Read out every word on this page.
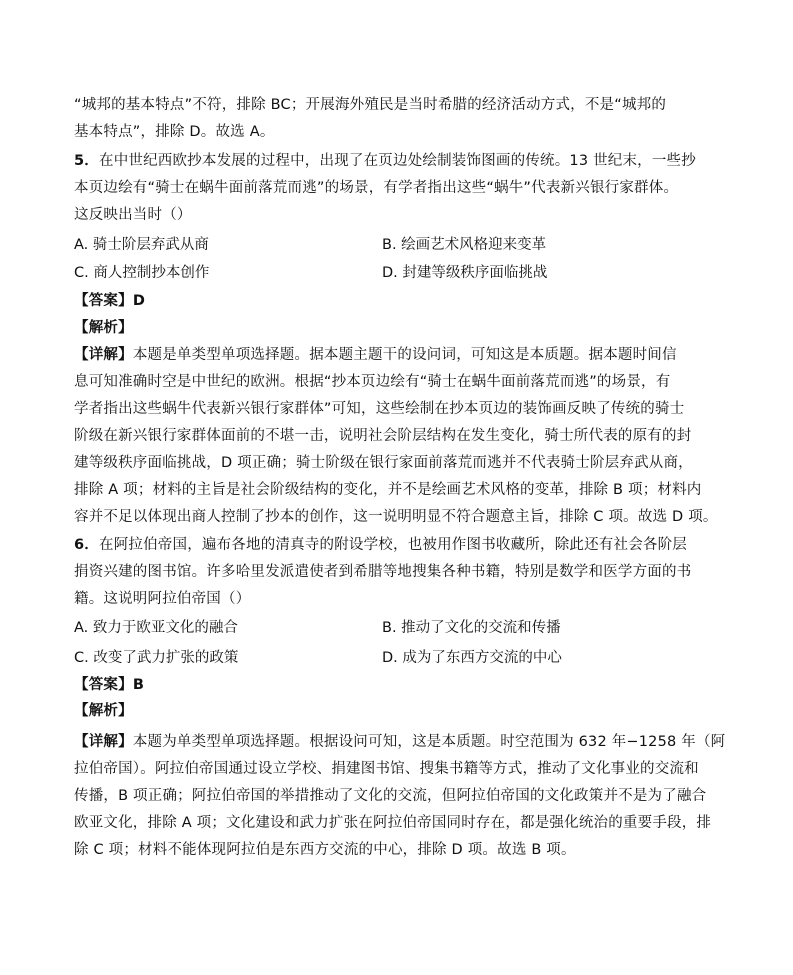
“城邦的基本特点”不符，排除 BC；开展海外殖民是当时希腊的经济活动方式，不是“城邦的
基本特点”，排除 D。故选 A。
5．在中世纪西欧抄本发展的过程中，出现了在页边处绘制装饰图画的传统。13 世纪末，一些抄
本页边绘有“骑士在蜗牛面前落荒而逃”的场景，有学者指出这些“蜗牛”代表新兴银行家群体。
这反映出当时（）
A. 骑士阶层弃武从商	B. 绘画艺术风格迎来变革
C. 商人控制抄本创作	D. 封建等级秩序面临挑战
【答案】D
【解析】
【详解】本题是单类型单项选择题。据本题主题干的设问词，可知这是本质题。据本题时间信
息可知准确时空是中世纪的欧洲。根据“抄本页边绘有“骑士在蜗牛面前落荒而逃”的场景，有
学者指出这些蜗牛代表新兴银行家群体”可知，这些绘制在抄本页边的装饰画反映了传统的骑士
阶级在新兴银行家群体面前的不堪一击，说明社会阶层结构在发生变化，骑士所代表的原有的封
建等级秩序面临挑战，D 项正确；骑士阶级在银行家面前落荒而逃并不代表骑士阶层弃武从商，
排除 A 项；材料的主旨是社会阶级结构的变化，并不是绘画艺术风格的变革，排除 B 项；材料内
容并不足以体现出商人控制了抄本的创作，这一说明明显不符合题意主旨，排除 C 项。故选 D 项。
6．在阿拉伯帝国，遍布各地的清真寺的附设学校，也被用作图书收藏所，除此还有社会各阶层
捐资兴建的图书馆。许多哈里发派遣使者到希腊等地搜集各种书籍，特别是数学和医学方面的书
籍。这说明阿拉伯帝国（）
A. 致力于欧亚文化的融合	B. 推动了文化的交流和传播
C. 改变了武力扩张的政策	D. 成为了东西方交流的中心
【答案】B
【解析】
【详解】本题为单类型单项选择题。根据设问可知，这是本质题。时空范围为 632 年−1258 年（阿
拉伯帝国）。阿拉伯帝国通过设立学校、捐建图书馆、搜集书籍等方式，推动了文化事业的交流和
传播，B 项正确；阿拉伯帝国的举措推动了文化的交流，但阿拉伯帝国的文化政策并不是为了融合
欧亚文化，排除 A 项；文化建设和武力扩张在阿拉伯帝国同时存在，都是强化统治的重要手段，排
除 C 项；材料不能体现阿拉伯是东西方交流的中心，排除 D 项。故选 B 项。
